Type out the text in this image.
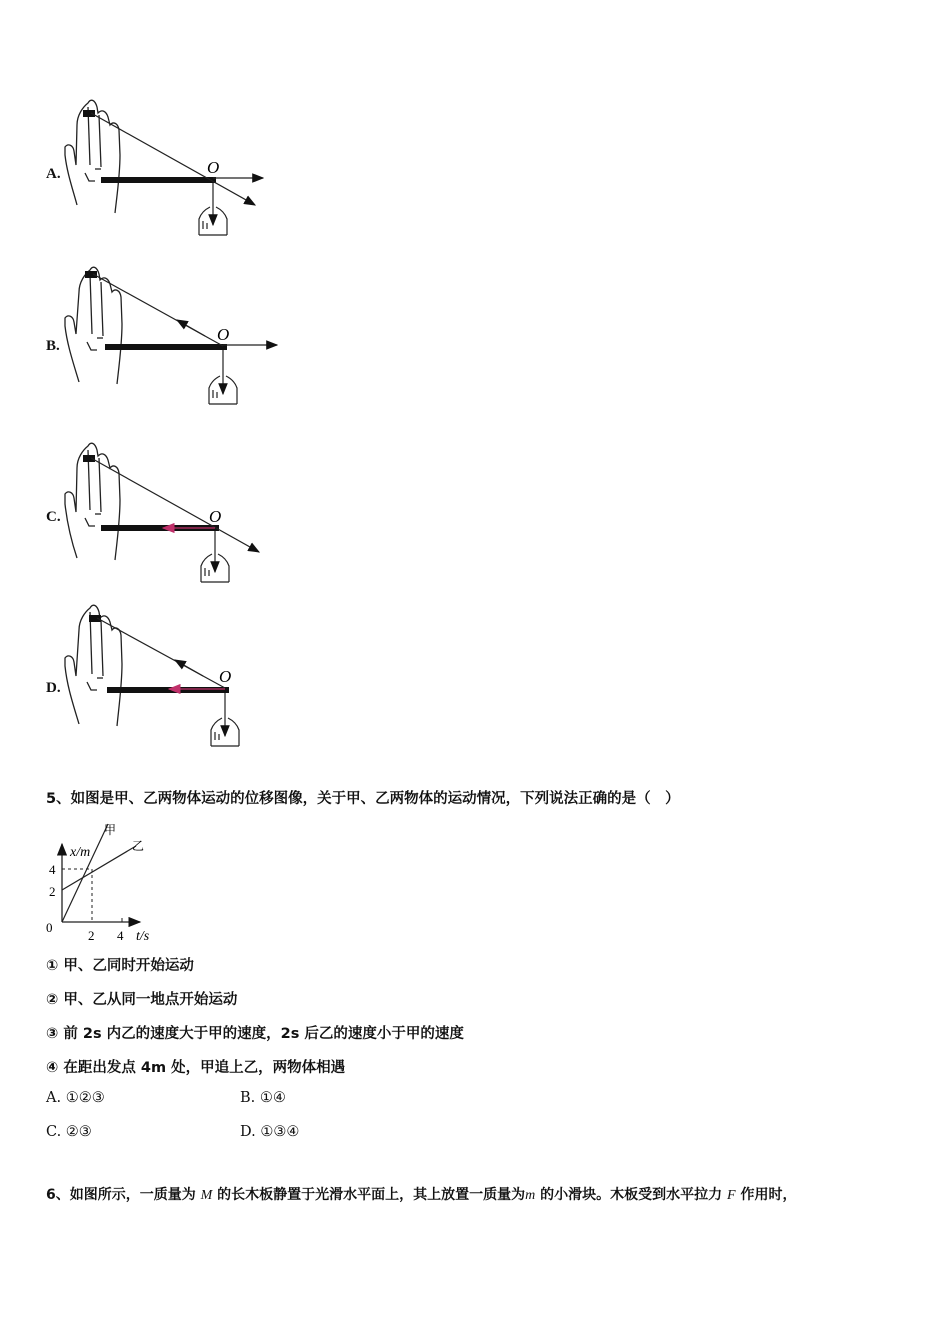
A.	O
B.
O
C.	O
D.
O
5、如图是甲、乙两物体运动的位移图像，关于甲、乙两物体的运动情况，下列说法正确的是（　）
x/m
t/s
甲
乙
0
4
2
2 4
① 甲、乙同时开始运动
② 甲、乙从同一地点开始运动
③ 前 2s 内乙的速度大于甲的速度，2s 后乙的速度小于甲的速度
④ 在距出发点 4m 处，甲追上乙，两物体相遇
A. ①②③	B. ①④
C. ②③	D. ①③④
6、如图所示，一质量为 M 的长木板静置于光滑水平面上，其上放置一质量为m 的小滑块。木板受到水平拉力 F 作用时，
